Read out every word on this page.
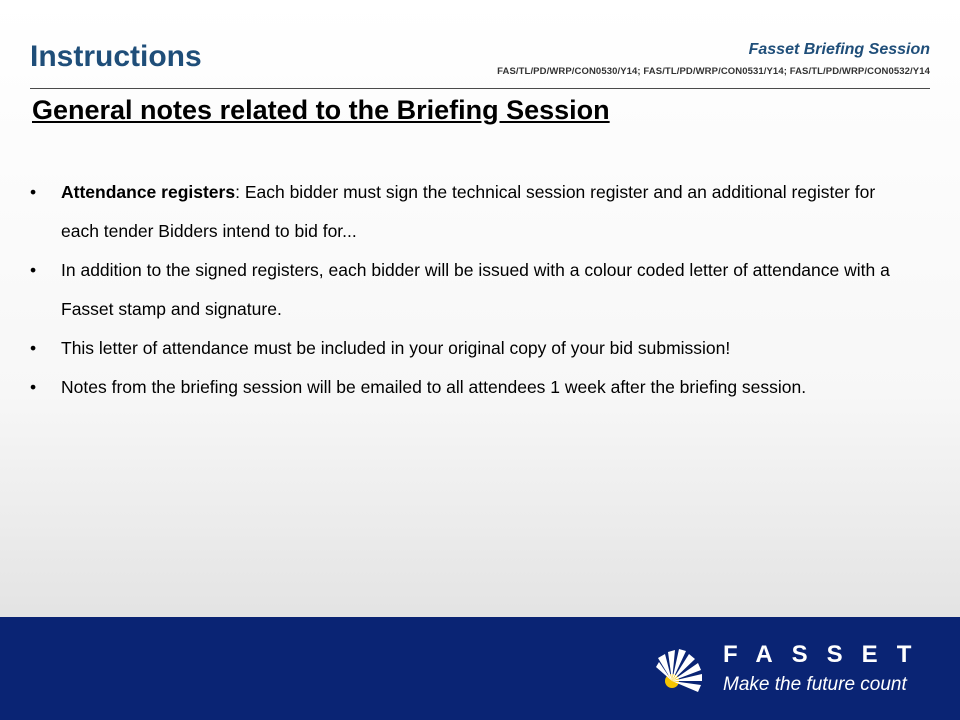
Instructions	Fasset Briefing Session
FAS/TL/PD/WRP/CON0530/Y14; FAS/TL/PD/WRP/CON0531/Y14; FAS/TL/PD/WRP/CON0532/Y14
General notes related to the Briefing Session
• Attendance registers: Each bidder must sign the technical session register and an additional register for each tender Bidders intend to bid for...
• In addition to the signed registers, each bidder will be issued with a colour coded letter of attendance with a Fasset stamp and signature.
• This letter of attendance must be included in your original copy of your bid submission!
• Notes from the briefing session will be emailed to all attendees 1 week after the briefing session.
FASSET
Make the future count
